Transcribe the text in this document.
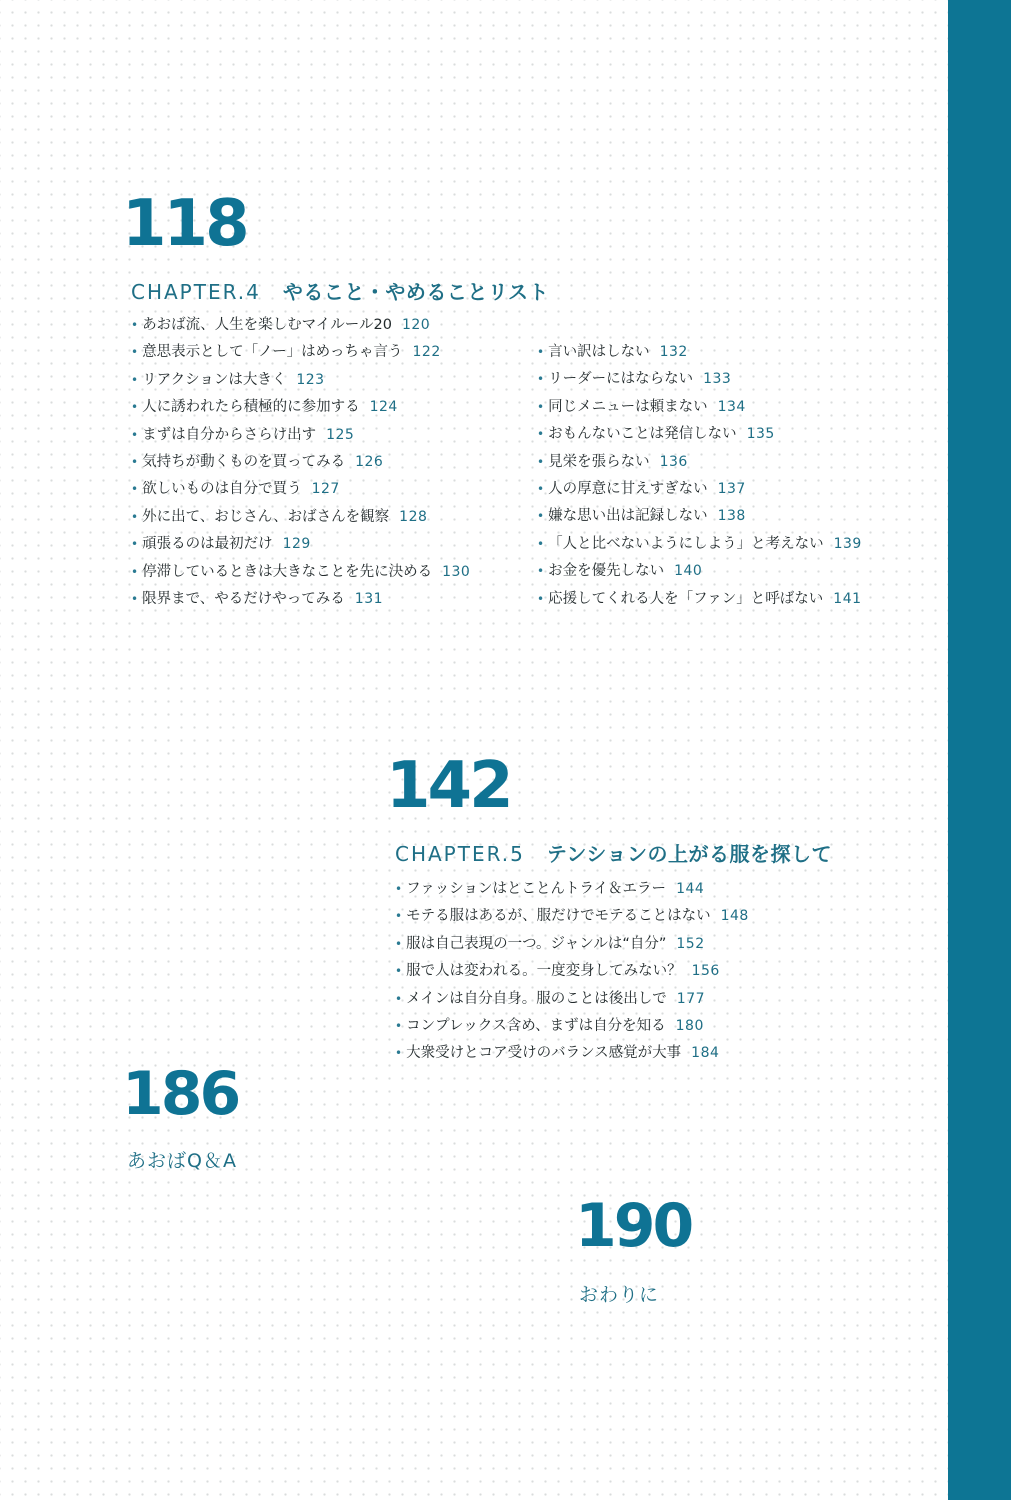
118
CHAPTER.4 やること・やめることリスト
• あおば流、人生を楽しむマイルール20 120
• 意思表示として「ノー」はめっちゃ言う 122
• リアクションは大きく 123
• 人に誘われたら積極的に参加する 124
• まずは自分からさらけ出す 125
• 気持ちが動くものを買ってみる 126
• 欲しいものは自分で買う 127
• 外に出て、おじさん、おばさんを観察 128
• 頑張るのは最初だけ 129
• 停滞しているときは大きなことを先に決める 130
• 限界まで、やるだけやってみる 131
• 言い訳はしない 132
• リーダーにはならない 133
• 同じメニューは頼まない 134
• おもんないことは発信しない 135
• 見栄を張らない 136
• 人の厚意に甘えすぎない 137
• 嫌な思い出は記録しない 138
• 「人と比べないようにしよう」と考えない 139
• お金を優先しない 140
• 応援してくれる人を「ファン」と呼ばない 141
142
CHAPTER.5 テンションの上がる服を探して
• ファッションはとことんトライ＆エラー 144
• モテる服はあるが、服だけでモテることはない 148
• 服は自己表現の一つ。ジャンルは“自分” 152
• 服で人は変われる。一度変身してみない？ 156
• メインは自分自身。服のことは後出しで 177
• コンプレックス含め、まずは自分を知る 180
• 大衆受けとコア受けのバランス感覚が大事 184
186
あおばQ＆A
190
おわりに
